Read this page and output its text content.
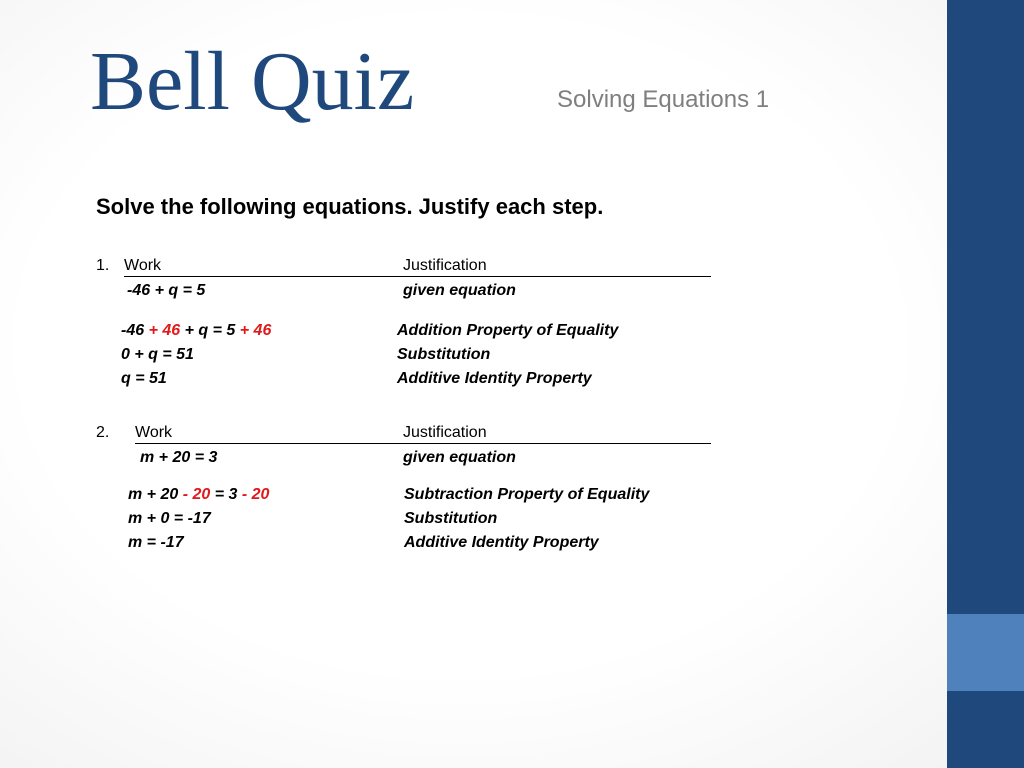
Bell Quiz	Solving Equations 1
Solve the following equations. Justify each step.
1. Work	Justification
-46 + q = 5	given equation
-46 + 46 + q = 5 + 46	Addition Property of Equality
0 + q = 51	Substitution
q = 51	Additive Identity Property
2. Work	Justification
m + 20 = 3	given equation
m + 20 - 20 = 3 - 20	Subtraction Property of Equality
m + 0 = -17	Substitution
m = -17	Additive Identity Property
